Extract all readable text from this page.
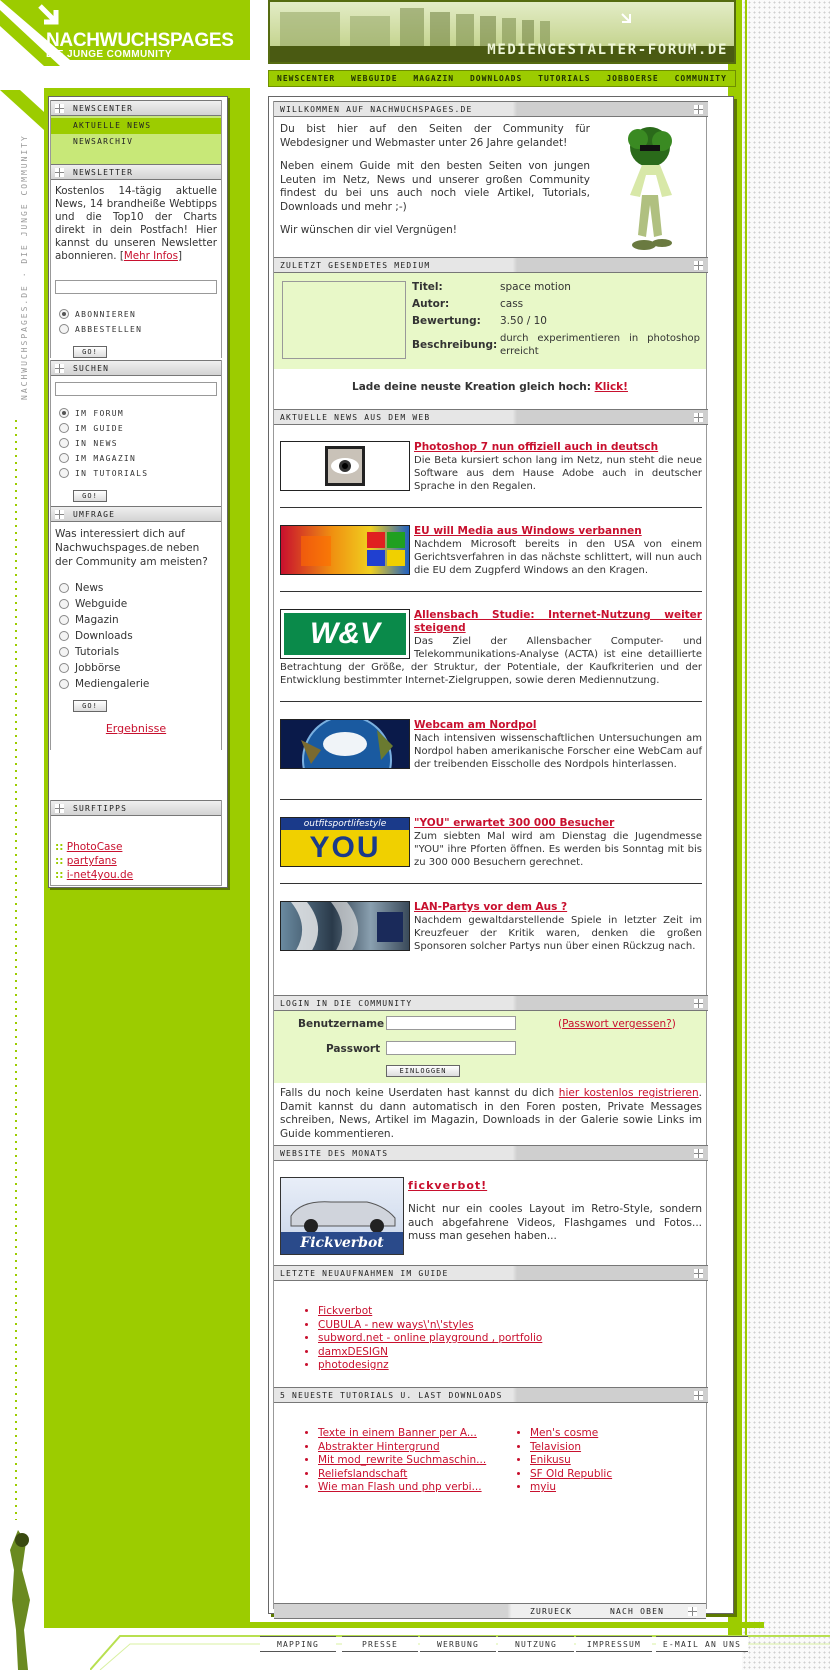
NACHWUCHSPAGES
DIE JUNGE COMMUNITY
NACHWUCHSPAGES.DE · DIE JUNGE COMMUNITY
MEDIENGESTALTER-FORUM.DE
NEWSCENTER WEBGUIDE MAGAZIN DOWNLOADS TUTORIALS JOBBOERSE COMMUNITY
NEWSCENTER
AKTUELLE NEWS
NEWSARCHIV
NEWSLETTER
Kostenlos 14-tägig aktuelle News, 14 brandheiße Webtipps und die Top10 der Charts direkt in dein Postfach! Hier kannst du unseren Newsletter abonnieren. [Mehr Infos]
ABONNIEREN
ABBESTELLEN
GO!
SUCHEN
IM FORUM
IM GUIDE
IN NEWS
IM MAGAZIN
IN TUTORIALS
GO!
UMFRAGE
Was interessiert dich auf Nachwuchspages.de neben der Community am meisten?
News
Webguide
Magazin
Downloads
Tutorials
Jobbörse
Mediengalerie
GO!
Ergebnisse
SURFTIPPS
:: PhotoCase
:: partyfans
:: i-net4you.de
WILLKOMMEN AUF NACHWUCHSPAGES.DE

Du bist hier auf den Seiten der Community für Webdesigner und Webmaster unter 26 Jahre gelandet!

Neben einem Guide mit den besten Seiten von jungen Leuten im Netz, News und unserer großen Community findest du bei uns auch noch viele Artikel, Tutorials, Downloads und mehr ;-)

Wir wünschen dir viel Vergnügen!

ZULETZT GESENDETES MEDIUM
Titel:	space motion
Autor:	cass
Bewertung: 3.50 / 10
Beschreibung:
durch experimentieren in photoshop erreicht
Lade deine neuste Kreation gleich hoch: Klick!
AKTUELLE NEWS AUS DEM WEB
Photoshop 7 nun offiziell auch in deutsch
Die Beta kursiert schon lang im Netz, nun steht die neue Software aus dem Hause Adobe auch in deutscher Sprache in den Regalen.
EU will Media aus Windows verbannen
Nachdem Microsoft bereits in den USA von einem Gerichtsverfahren in das nächste schlittert, will nun auch die EU dem Zugpferd Windows an den Kragen.
W&V
Allensbach Studie: Internet-Nutzung weiter steigend
Das Ziel der Allensbacher Computer- und Telekommunikations-Analyse (ACTA) ist eine detaillierte Betrachtung der Größe, der Struktur, der Potentiale, der Kaufkriterien und der Entwicklung bestimmter Internet-Zielgruppen, sowie deren Mediennutzung.
Webcam am Nordpol
Nach intensiven wissenschaftlichen Untersuchungen am Nordpol haben amerikanische Forscher eine WebCam auf der treibenden Eisscholle des Nordpols hinterlassen.
outfitsportlifestyle
YOU
"YOU" erwartet 300 000 Besucher
Zum siebten Mal wird am Dienstag die Jugendmesse "YOU" ihre Pforten öffnen. Es werden bis Sonntag mit bis zu 300 000 Besuchern gerechnet.
LAN-Partys vor dem Aus ?
Nachdem gewaltdarstellende Spiele in letzter Zeit im Kreuzfeuer der Kritik waren, denken die großen Sponsoren solcher Partys nun über einen Rückzug nach.
LOGIN IN DIE COMMUNITY
Benutzername	(Passwort vergessen?)
Passwort
EINLOGGEN
Falls du noch keine Userdaten hast kannst du dich hier kostenlos registrieren. Damit kannst du dann automatisch in den Foren posten, Private Messages schreiben, News, Artikel im Magazin, Downloads in der Galerie sowie Links im Guide kommentieren.
WEBSITE DES MONATS
Fickverbot
fickverbot!
Nicht nur ein cooles Layout im Retro-Style, sondern auch abgefahrene Videos, Flashgames und Fotos... muss man gesehen haben...
LETZTE NEUAUFNAHMEN IM GUIDE
• Fickverbot
• CUBULA - new ways\'n\'styles
• subword.net - online playground , portfolio
• damxDESIGN
• photodesignz
5 NEUESTE TUTORIALS U. LAST DOWNLOADS
• Texte in einem Banner per A...
• Abstrakter Hintergrund
• Mit mod_rewrite Suchmaschin...
• Reliefslandschaft
• Wie man Flash und php verbi...
• Men's cosme
• Telavision
• Enikusu
• SF Old Republic
• myiu
ZURUECK	NACH OBEN
MAPPING	PRESSE	WERBUNG	NUTZUNG	IMPRESSUM	E-MAIL AN UNS
